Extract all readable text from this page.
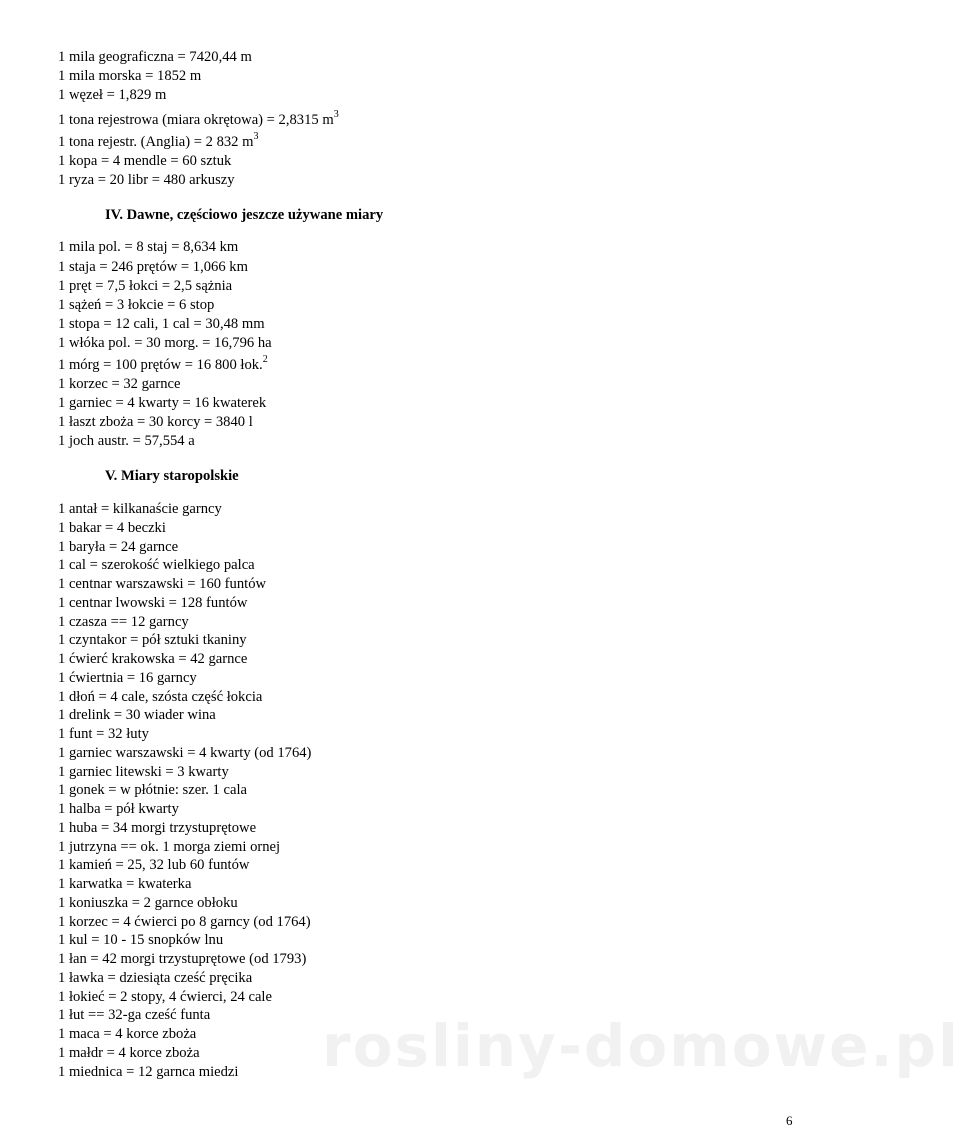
1 mila geograficzna = 7420,44 m
1 mila morska = 1852 m
1 węzeł = 1,829 m
1 tona rejestrowa (miara okrętowa) = 2,8315 $m^3$
1 tona rejestr. (Anglia) = 2 832 $m^3$
1 kopa = 4 mendle = 60 sztuk
1 ryza = 20 libr = 480 arkuszy
IV. Dawne, częściowo jeszcze używane miary
1 mila pol. = 8 staj = 8,634 km
1 staja = 246 prętów = 1,066 km
1 pręt = 7,5 łokci = 2,5 sążnia
1 sążeń = 3 łokcie = 6 stop
1 stopa = 12 cali, 1 cal = 30,48 mm
1 włóka pol. = 30 morg. = 16,796 ha
1 mórg = 100 prętów = 16 800 łok.$^2$
1 korzec = 32 garnce
1 garniec = 4 kwarty = 16 kwaterek
1 łaszt zboża = 30 korcy = 3840 l
1 joch austr. = 57,554 a
V. Miary staropolskie
1 antał = kilkanaście garncy
1 bakar = 4 beczki
1 baryła = 24 garnce
1 cal = szerokość wielkiego palca
1 centnar warszawski = 160 funtów
1 centnar lwowski = 128 funtów
1 czasza == 12 garncy
1 czyntakor = pół sztuki tkaniny
1 ćwierć krakowska = 42 garnce
1 ćwiertnia = 16 garncy
1 dłoń = 4 cale, szósta część łokcia
1 drelink = 30 wiader wina
1 funt = 32 łuty
1 garniec warszawski = 4 kwarty (od 1764)
1 garniec litewski = 3 kwarty
1 gonek = w płótnie: szer. 1 cala
1 halba = pół kwarty
1 huba = 34 morgi trzystuprętowe
1 jutrzyna == ok. 1 morga ziemi ornej
1 kamień = 25, 32 lub 60 funtów
1 karwatka = kwaterka
1 koniuszka = 2 garnce obłoku
1 korzec = 4 ćwierci po 8 garncy (od 1764)
1 kul = 10 - 15 snopków lnu
1 łan = 42 morgi trzystuprętowe (od 1793)
1 ławka = dziesiąta cześć pręcika
1 łokieć = 2 stopy, 4 ćwierci, 24 cale
1 łut == 32-ga cześć funta
1 maca = 4 korce zboża
1 małdr = 4 korce zboża
1 miednica = 12 garnca miedzi rosliny-domowe.pl
6
